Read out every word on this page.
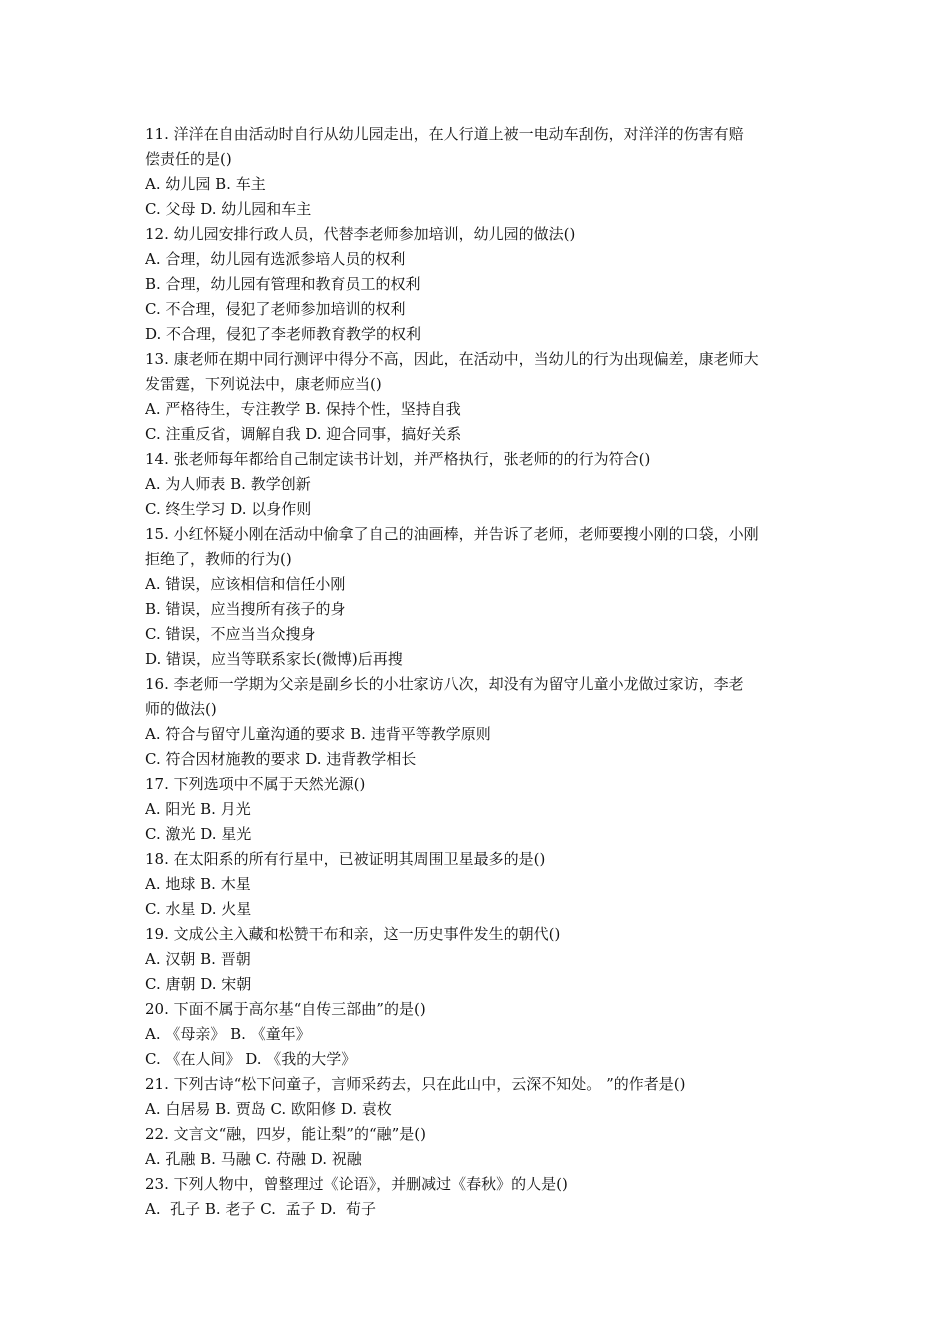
11. 洋洋在自由活动时自行从幼儿园走出，在人行道上被一电动车刮伤，对洋洋的伤害有赔
偿责任的是()
A. 幼儿园 B. 车主
C. 父母 D. 幼儿园和车主
12. 幼儿园安排行政人员，代替李老师参加培训，幼儿园的做法()
A. 合理，幼儿园有选派参培人员的权利
B. 合理，幼儿园有管理和教育员工的权利
C. 不合理，侵犯了老师参加培训的权利
D. 不合理，侵犯了李老师教育教学的权利
13. 康老师在期中同行测评中得分不高，因此，在活动中，当幼儿的行为出现偏差，康老师大
发雷霆，下列说法中，康老师应当()
A. 严格待生，专注教学 B. 保持个性，坚持自我
C. 注重反省，调解自我 D. 迎合同事，搞好关系
14. 张老师每年都给自己制定读书计划，并严格执行，张老师的的行为符合()
A. 为人师表 B. 教学创新
C. 终生学习 D. 以身作则
15. 小红怀疑小刚在活动中偷拿了自己的油画棒，并告诉了老师，老师要搜小刚的口袋，小刚
拒绝了，教师的行为()
A. 错误，应该相信和信任小刚
B. 错误，应当搜所有孩子的身
C. 错误，不应当当众搜身
D. 错误，应当等联系家长(微博)后再搜
16. 李老师一学期为父亲是副乡长的小壮家访八次，却没有为留守儿童小龙做过家访，李老
师的做法()
A. 符合与留守儿童沟通的要求 B. 违背平等教学原则
C. 符合因材施教的要求 D. 违背教学相长
17. 下列选项中不属于天然光源()
A. 阳光 B. 月光
C. 激光 D. 星光
18. 在太阳系的所有行星中，已被证明其周围卫星最多的是()
A. 地球 B. 木星
C. 水星 D. 火星
19. 文成公主入藏和松赞干布和亲，这一历史事件发生的朝代()
A. 汉朝 B. 晋朝
C. 唐朝 D. 宋朝
20. 下面不属于高尔基“自传三部曲”的是()
A. 《母亲》 B. 《童年》
C. 《在人间》 D. 《我的大学》
21. 下列古诗“松下问童子，言师采药去，只在此山中，云深不知处。 ”的作者是()
A. 白居易 B. 贾岛 C. 欧阳修 D. 袁枚
22. 文言文“融，四岁，能让梨”的“融”是()
A. 孔融 B. 马融 C. 苻融 D. 祝融
23. 下列人物中，曾整理过《论语》，并删减过《春秋》的人是()
A.  孔子 B. 老子 C.  孟子 D.  荀子
